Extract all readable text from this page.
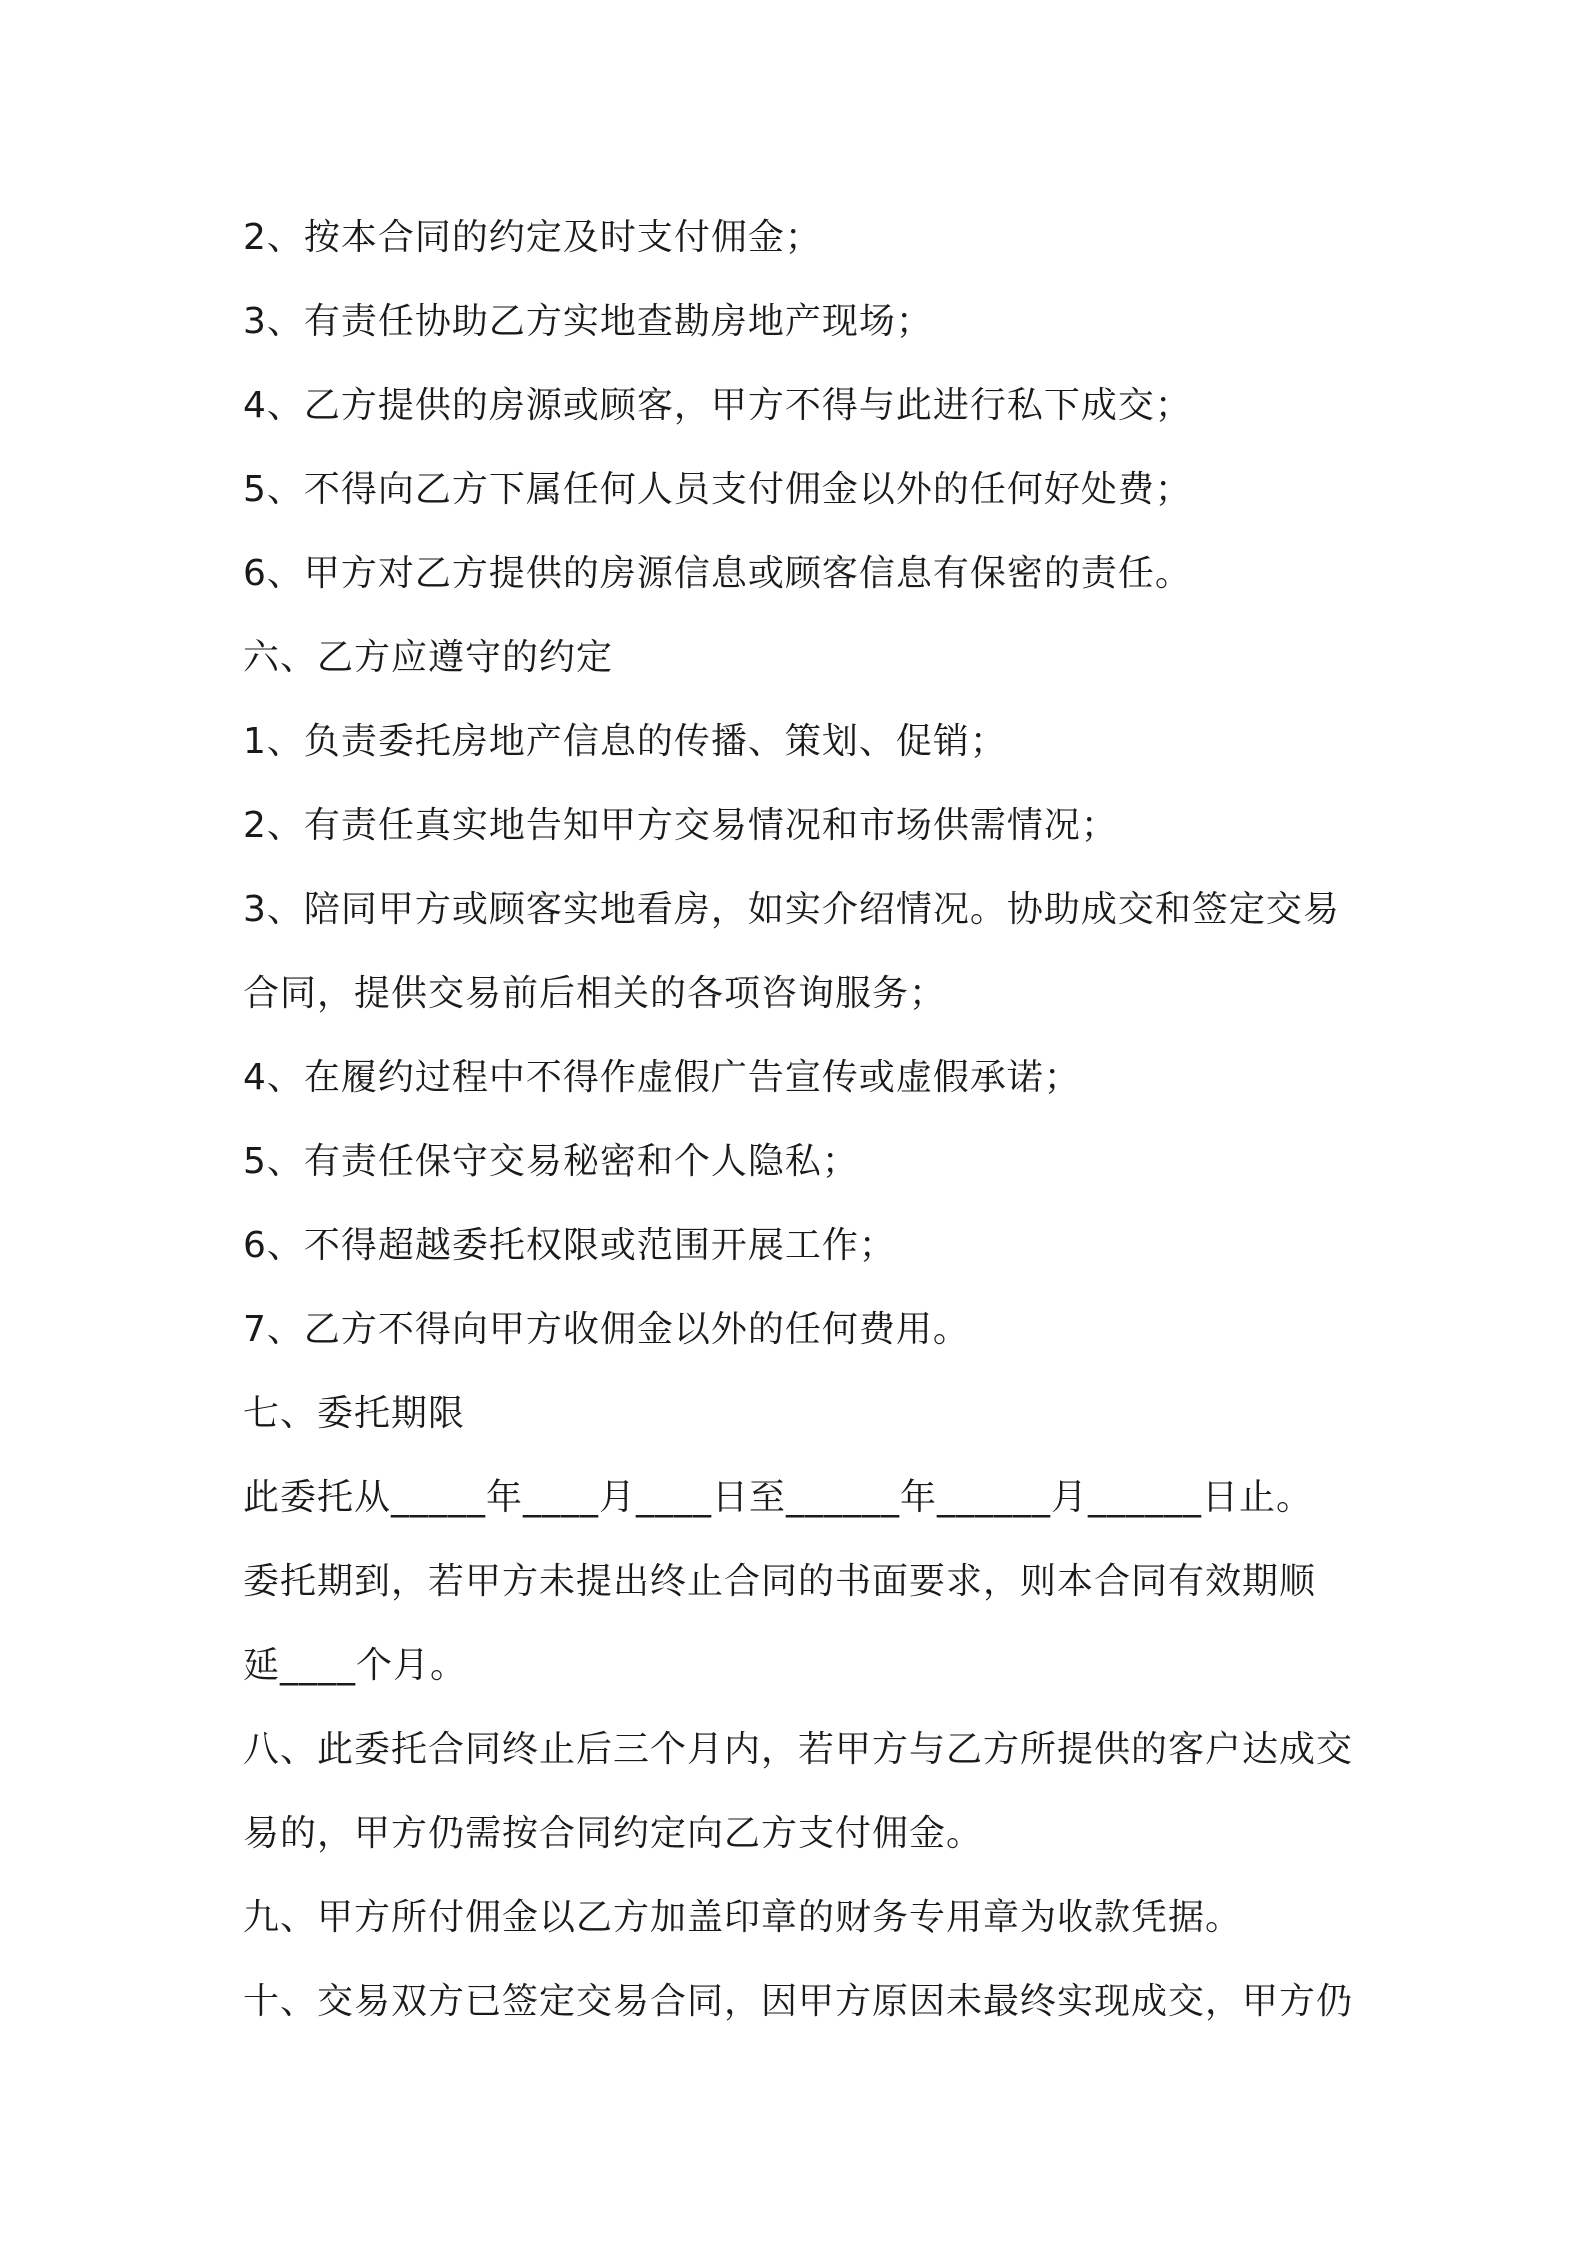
2、按本合同的约定及时支付佣金；
3、有责任协助乙方实地查勘房地产现场；
4、乙方提供的房源或顾客，甲方不得与此进行私下成交；
5、不得向乙方下属任何人员支付佣金以外的任何好处费；
6、甲方对乙方提供的房源信息或顾客信息有保密的责任。
六、乙方应遵守的约定
1、负责委托房地产信息的传播、策划、促销；
2、有责任真实地告知甲方交易情况和市场供需情况；
3、陪同甲方或顾客实地看房，如实介绍情况。协助成交和签定交易
合同，提供交易前后相关的各项咨询服务；
4、在履约过程中不得作虚假广告宣传或虚假承诺；
5、有责任保守交易秘密和个人隐私；
6、不得超越委托权限或范围开展工作；
7、乙方不得向甲方收佣金以外的任何费用。
七、委托期限
此委托从_____年____月____日至______年______月______日止。
委托期到，若甲方未提出终止合同的书面要求，则本合同有效期顺
延____个月。
八、此委托合同终止后三个月内，若甲方与乙方所提供的客户达成交
易的，甲方仍需按合同约定向乙方支付佣金。
九、甲方所付佣金以乙方加盖印章的财务专用章为收款凭据。
十、交易双方已签定交易合同，因甲方原因未最终实现成交，甲方仍
